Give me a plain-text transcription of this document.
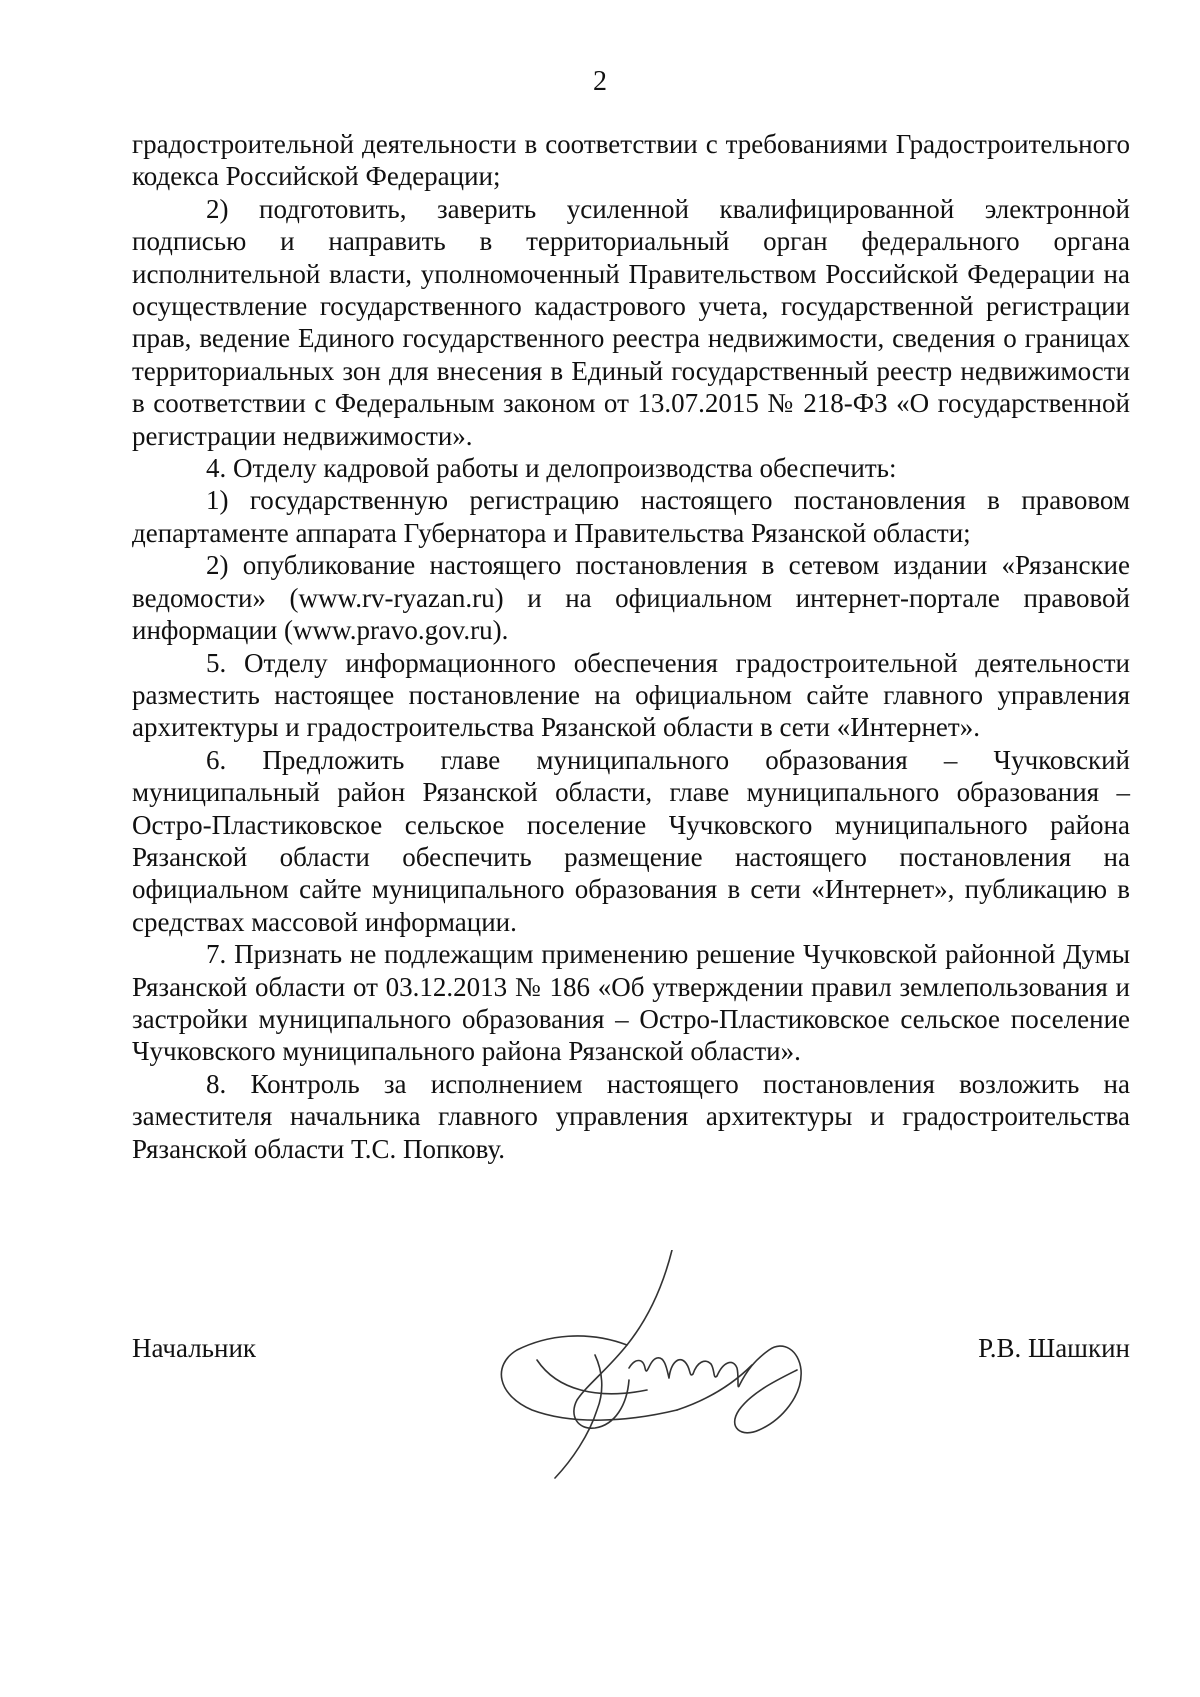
2

градостроительной деятельности в соответствии с требованиями Градостроительного кодекса Российской Федерации;

2) подготовить, заверить усиленной квалифицированной электронной подписью и направить в территориальный орган федерального органа исполнительной власти, уполномоченный Правительством Российской Федерации на осуществление государственного кадастрового учета, государственной регистрации прав, ведение Единого государственного реестра недвижимости, сведения о границах территориальных зон для внесения в Единый государственный реестр недвижимости в соответствии с Федеральным законом от 13.07.2015 № 218-ФЗ «О государственной регистрации недвижимости».

4. Отделу кадровой работы и делопроизводства обеспечить:

1) государственную регистрацию настоящего постановления в правовом департаменте аппарата Губернатора и Правительства Рязанской области;

2) опубликование настоящего постановления в сетевом издании «Рязанские ведомости» (www.rv-ryazan.ru) и на официальном интернет-портале правовой информации (www.pravo.gov.ru).

5. Отделу информационного обеспечения градостроительной деятельности разместить настоящее постановление на официальном сайте главного управления архитектуры и градостроительства Рязанской области в сети «Интернет».

6. Предложить главе муниципального образования – Чучковский муниципальный район Рязанской области, главе муниципального образования – Остро-Пластиковское сельское поселение Чучковского муниципального района Рязанской области обеспечить размещение настоящего постановления на официальном сайте муниципального образования в сети «Интернет», публикацию в средствах массовой информации.

7. Признать не подлежащим применению решение Чучковской районной Думы Рязанской области от 03.12.2013 № 186 «Об утверждении правил землепользования и застройки муниципального образования – Остро-Пластиковское сельское поселение Чучковского муниципального района Рязанской области».

8. Контроль за исполнением настоящего постановления возложить на заместителя начальника главного управления архитектуры и градостроительства Рязанской области Т.С. Попкову.

Начальник	Р.В. Шашкин
